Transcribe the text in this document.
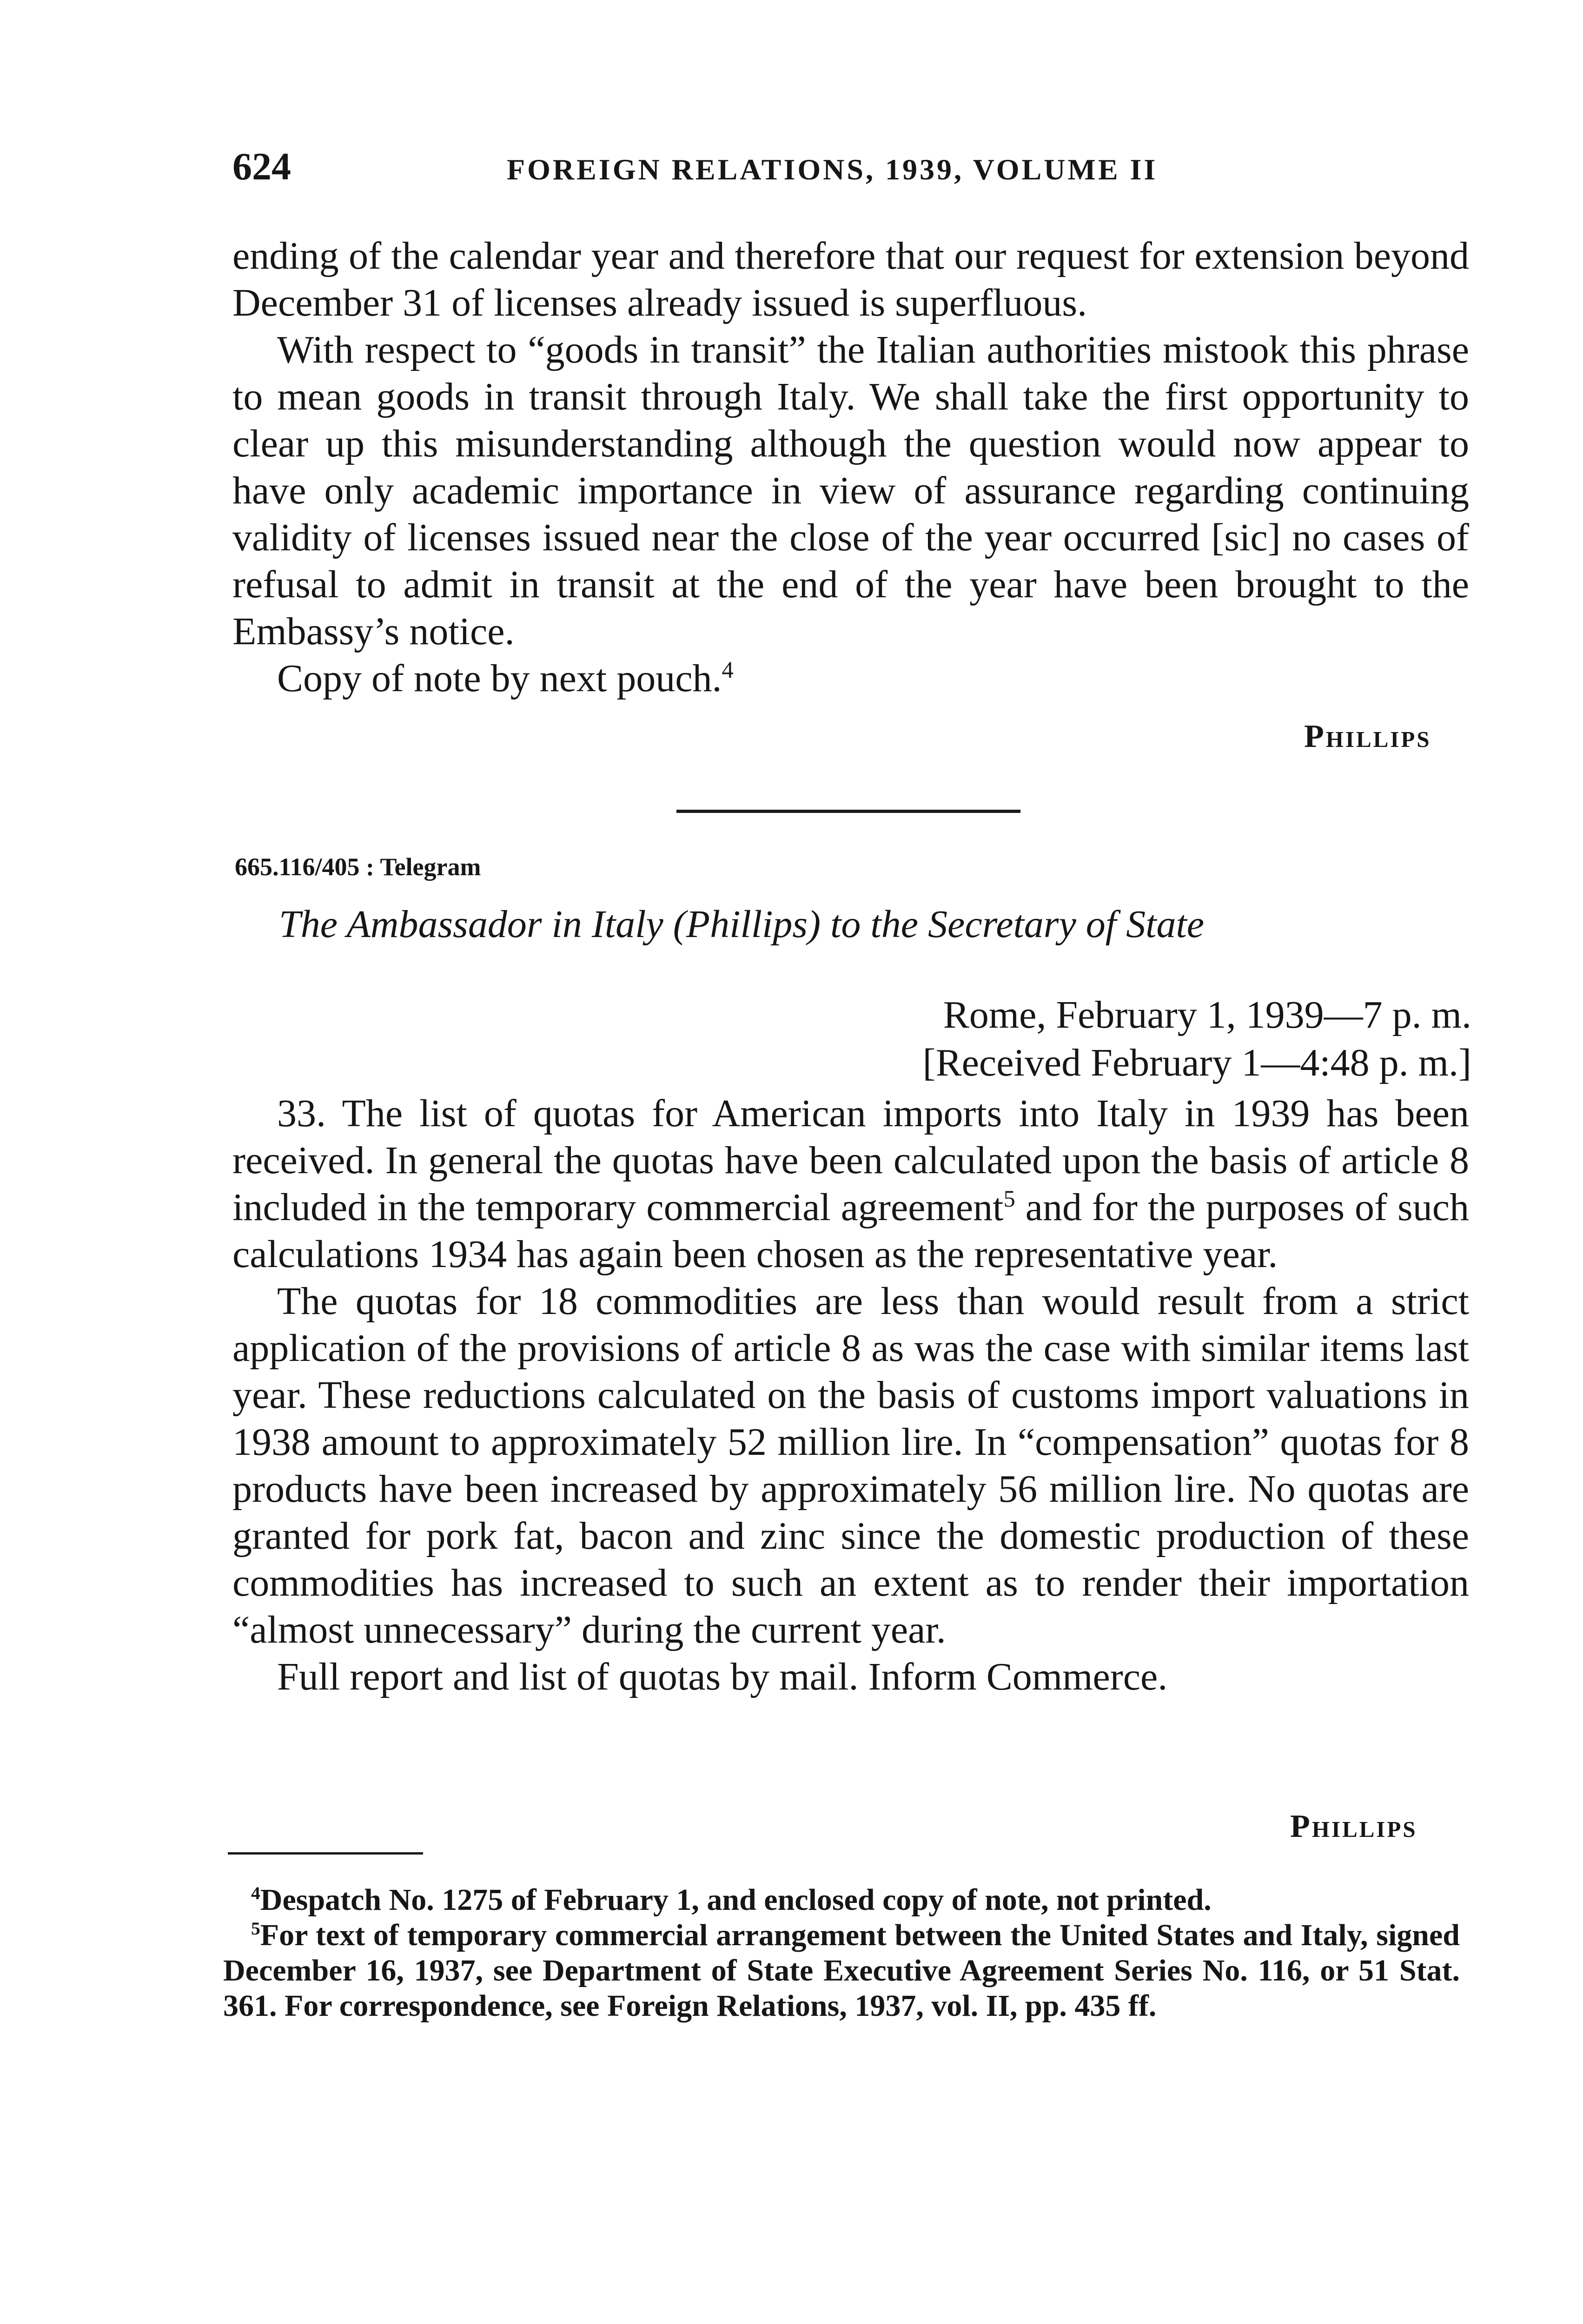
624	FOREIGN RELATIONS, 1939, VOLUME II

ending of the calendar year and therefore that our request for extension beyond December 31 of licenses already issued is superfluous.

With respect to “goods in transit” the Italian authorities mistook this phrase to mean goods in transit through Italy. We shall take the first opportunity to clear up this misunderstanding although the question would now appear to have only academic importance in view of assurance regarding continuing validity of licenses issued near the close of the year occurred [sic] no cases of refusal to admit in transit at the end of the year have been brought to the Embassy’s notice.

Copy of note by next pouch.$^4$

Phillips
665.116/405 : Telegram
The Ambassador in Italy (Phillips) to the Secretary of State
Rome, February 1, 1939—7 p. m.
[Received February 1—4:48 p. m.]

33. The list of quotas for American imports into Italy in 1939 has been received. In general the quotas have been calculated upon the basis of article 8 included in the temporary commercial agreement$^5$ and for the purposes of such calculations 1934 has again been chosen as the representative year.

The quotas for 18 commodities are less than would result from a strict application of the provisions of article 8 as was the case with similar items last year. These reductions calculated on the basis of customs import valuations in 1938 amount to approximately 52 million lire. In “compensation” quotas for 8 products have been increased by approximately 56 million lire. No quotas are granted for pork fat, bacon and zinc since the domestic production of these commodities has increased to such an extent as to render their importation “almost unnecessary” during the current year.

Full report and list of quotas by mail. Inform Commerce.

Phillips

$^4$Despatch No. 1275 of February 1, and enclosed copy of note, not printed.

$^5$For text of temporary commercial arrangement between the United States and Italy, signed December 16, 1937, see Department of State Executive Agreement Series No. 116, or 51 Stat. 361. For correspondence, see Foreign Relations, 1937, vol. II, pp. 435 ff.
